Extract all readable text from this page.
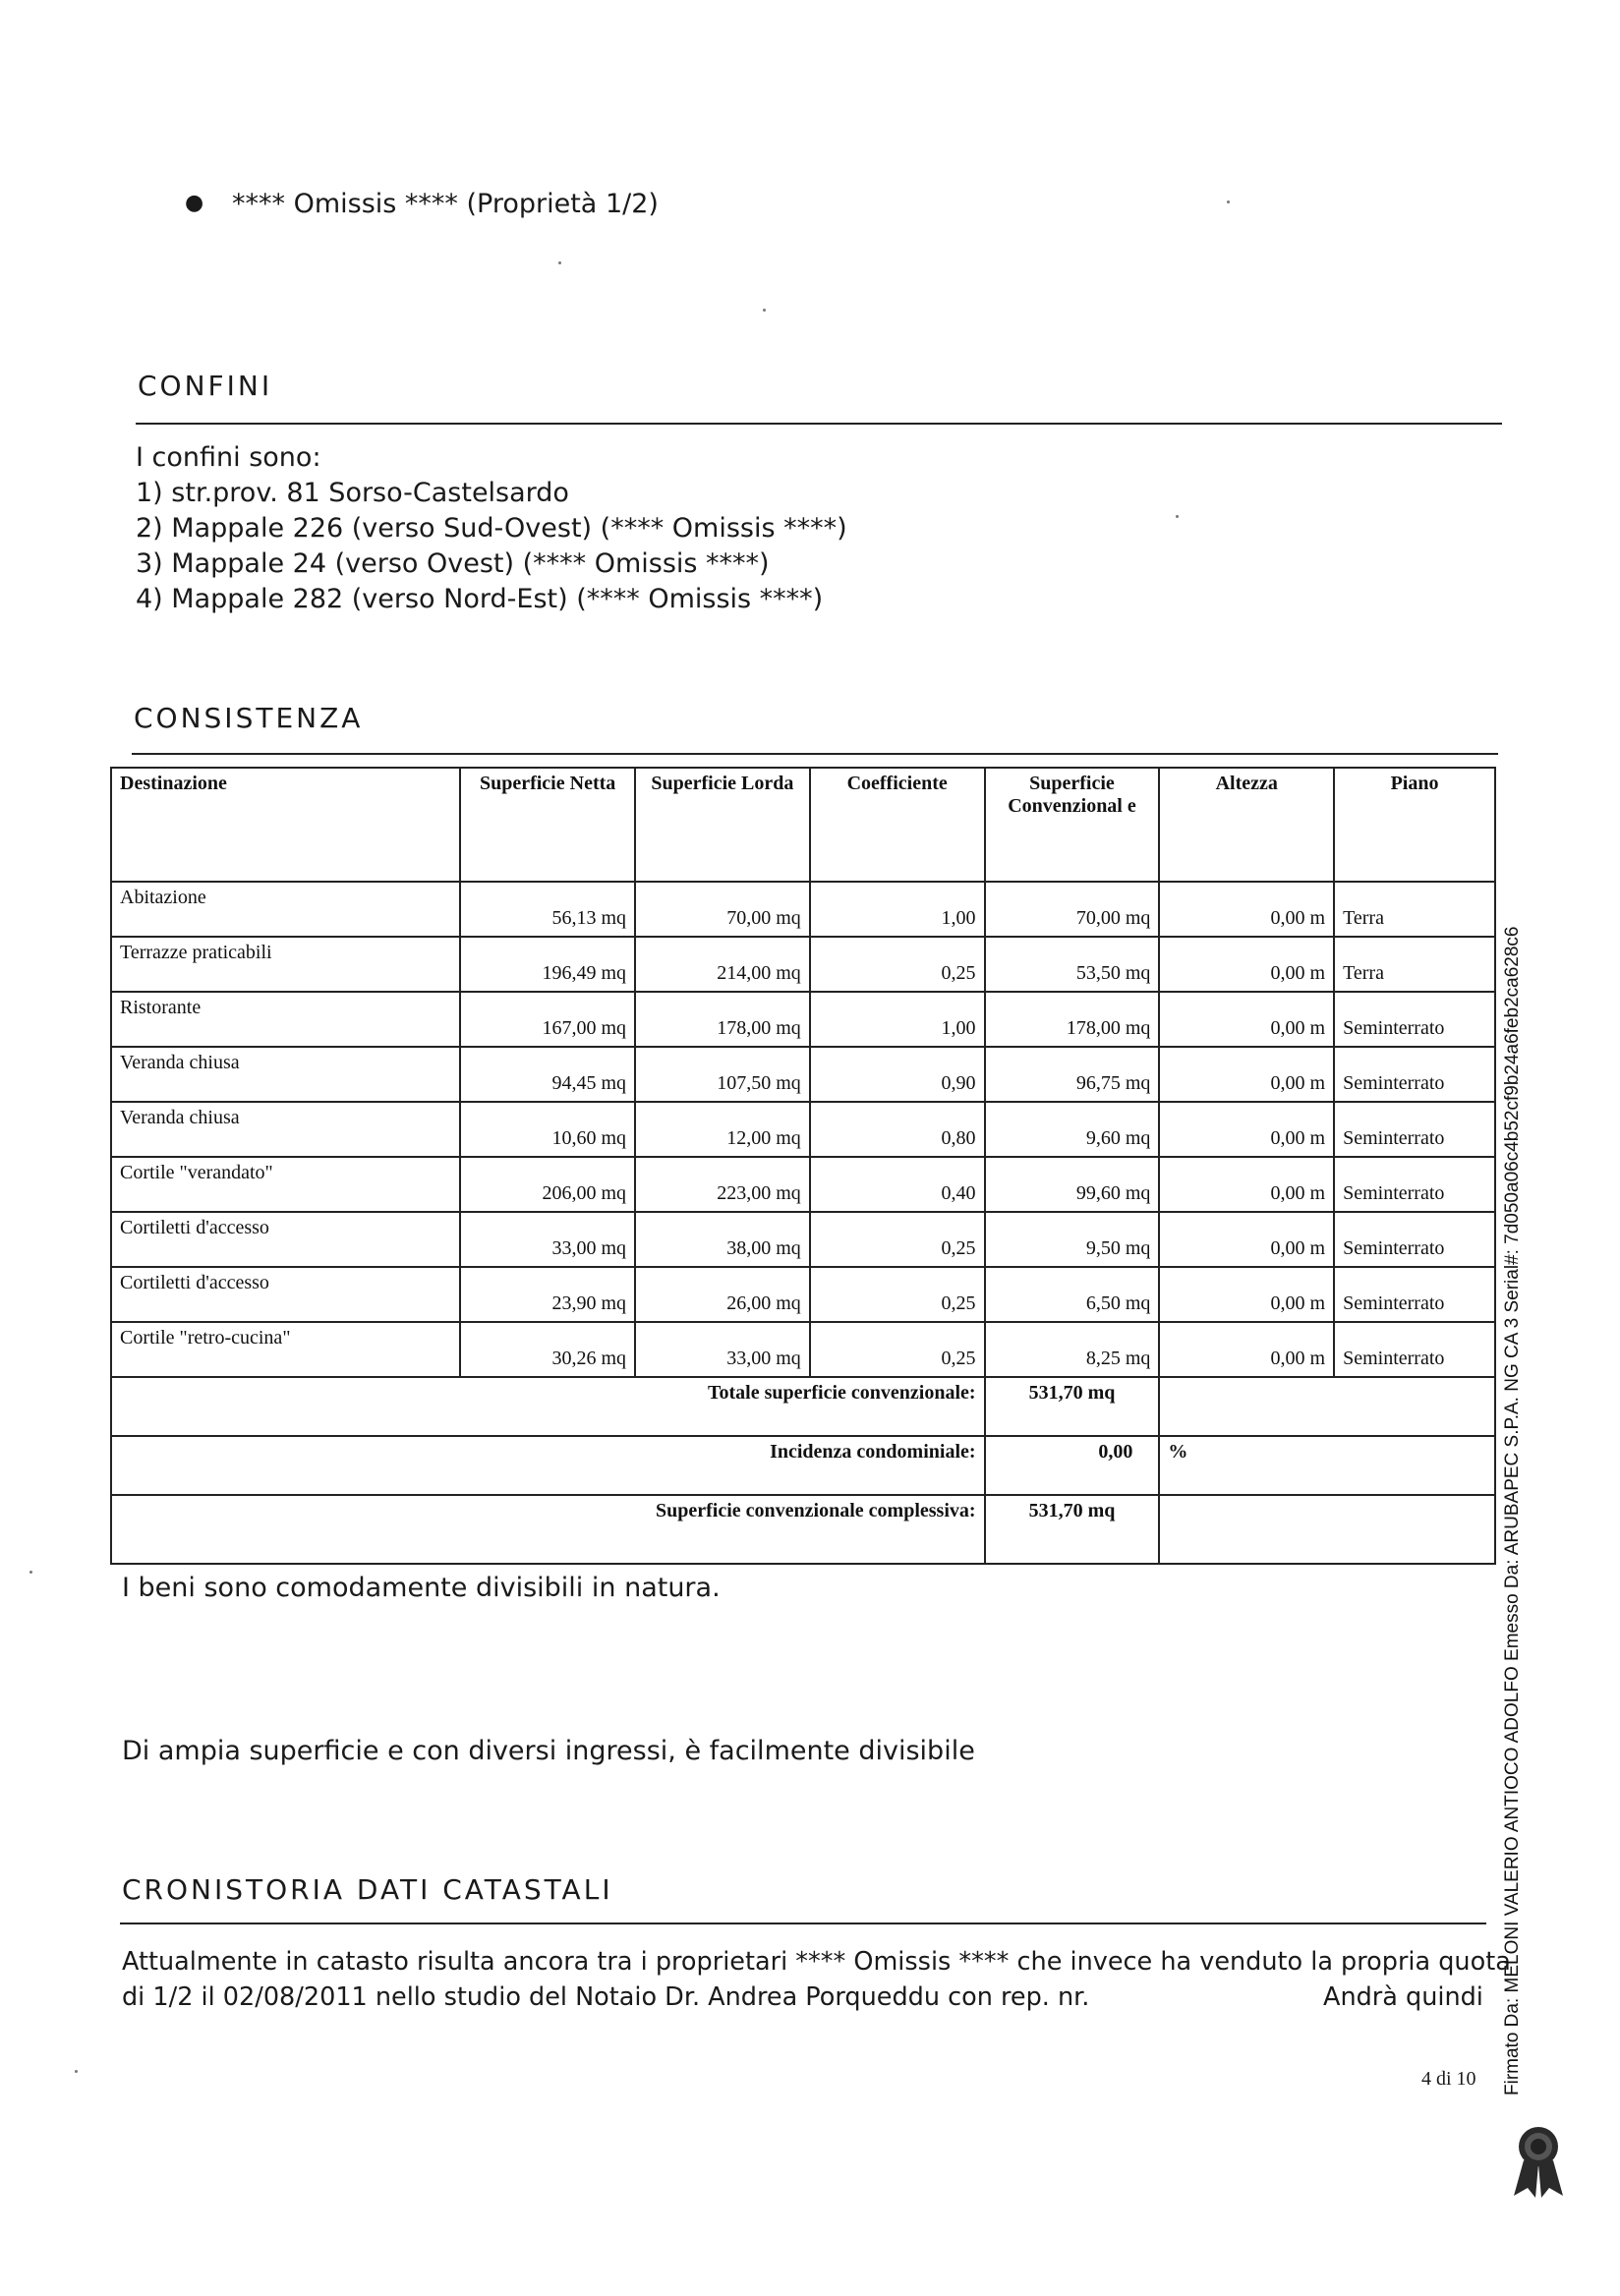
● **** Omissis **** (Proprietà 1/2)
CONFINI
I confini sono:
1) str.prov. 81 Sorso-Castelsardo
2) Mappale 226 (verso Sud-Ovest) (**** Omissis ****)
3) Mappale 24 (verso Ovest) (**** Omissis ****)
4) Mappale 282 (verso Nord-Est) (**** Omissis ****)
CONSISTENZA
Destinazione	Superficie Netta	Superficie Lorda	Coefficiente	Superficie Convenzional e	Altezza	Piano
Abitazione	56,13 mq	70,00 mq	1,00	70,00 mq	0,00 m	Terra
Terrazze praticabili	196,49 mq	214,00 mq	0,25	53,50 mq	0,00 m	Terra
Ristorante	167,00 mq	178,00 mq	1,00	178,00 mq	0,00 m	Seminterrato
Veranda chiusa	94,45 mq	107,50 mq	0,90	96,75 mq	0,00 m	Seminterrato
Veranda chiusa	10,60 mq	12,00 mq	0,80	9,60 mq	0,00 m	Seminterrato
Cortile "verandato"	206,00 mq	223,00 mq	0,40	99,60 mq	0,00 m	Seminterrato
Cortiletti d'accesso	33,00 mq	38,00 mq	0,25	9,50 mq	0,00 m	Seminterrato
Cortiletti d'accesso	23,90 mq	26,00 mq	0,25	6,50 mq	0,00 m	Seminterrato
Cortile "retro-cucina"	30,26 mq	33,00 mq	0,25	8,25 mq	0,00 m	Seminterrato
Totale superficie convenzionale:				531,70 mq		
Incidenza condominiale:				0,00	%	
Superficie convenzionale complessiva:				531,70 mq		
I beni sono comodamente divisibili in natura.
Di ampia superficie e con diversi ingressi, è facilmente divisibile
CRONISTORIA DATI CATASTALI
Attualmente in catasto risulta ancora tra i proprietari **** Omissis **** che invece ha venduto la propria quota
di 1/2 il 02/08/2011 nello studio del Notaio Dr. Andrea Porqueddu con rep. nr.	Andrà quindi
4 di 10 Firmato Da: MELONI VALERIO ANTIOCO ADOLFO Emesso Da: ARUBAPEC S.P.A. NG CA 3 Serial#: 7d050a06c4b52cf9b24a6feb2ca628c6
